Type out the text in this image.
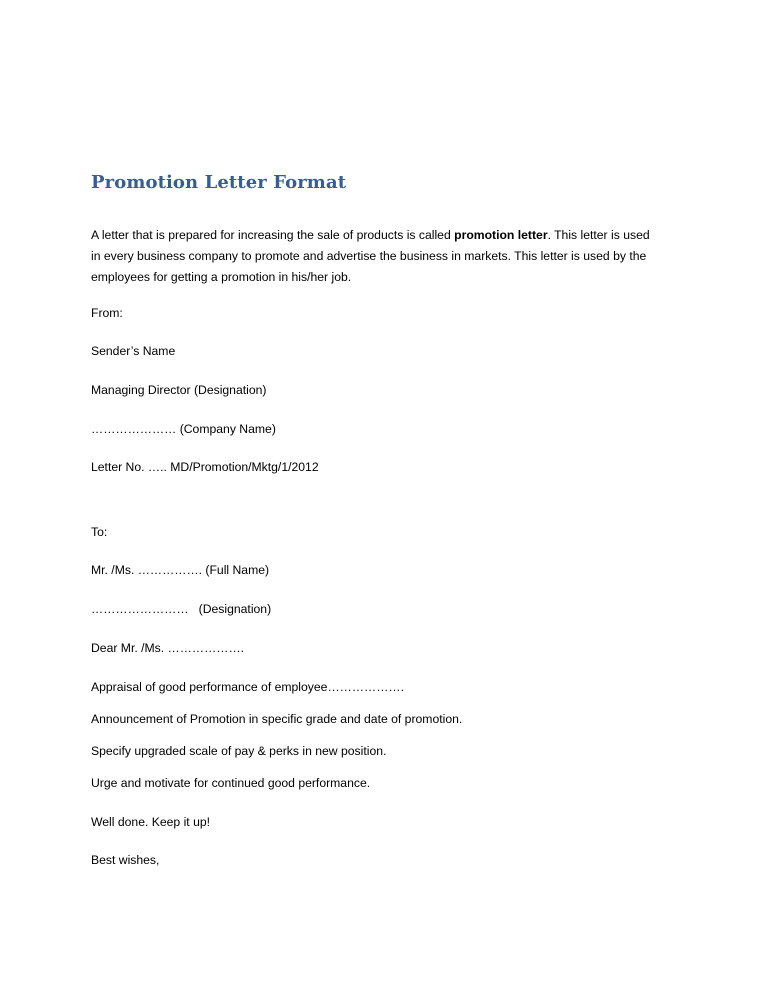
Promotion Letter Format
A letter that is prepared for increasing the sale of products is called promotion letter. This letter is used
in every business company to promote and advertise the business in markets. This letter is used by the
employees for getting a promotion in his/her job.
From:
Sender’s Name
Managing Director (Designation)
………………… (Company Name)
Letter No. ….. MD/Promotion/Mktg/1/2012
To:
Mr. /Ms. ……………. (Full Name)
……………………   (Designation)
Dear Mr. /Ms. ……………….
Appraisal of good performance of employee……………….
Announcement of Promotion in specific grade and date of promotion.
Specify upgraded scale of pay & perks in new position.
Urge and motivate for continued good performance.
Well done. Keep it up!
Best wishes,
